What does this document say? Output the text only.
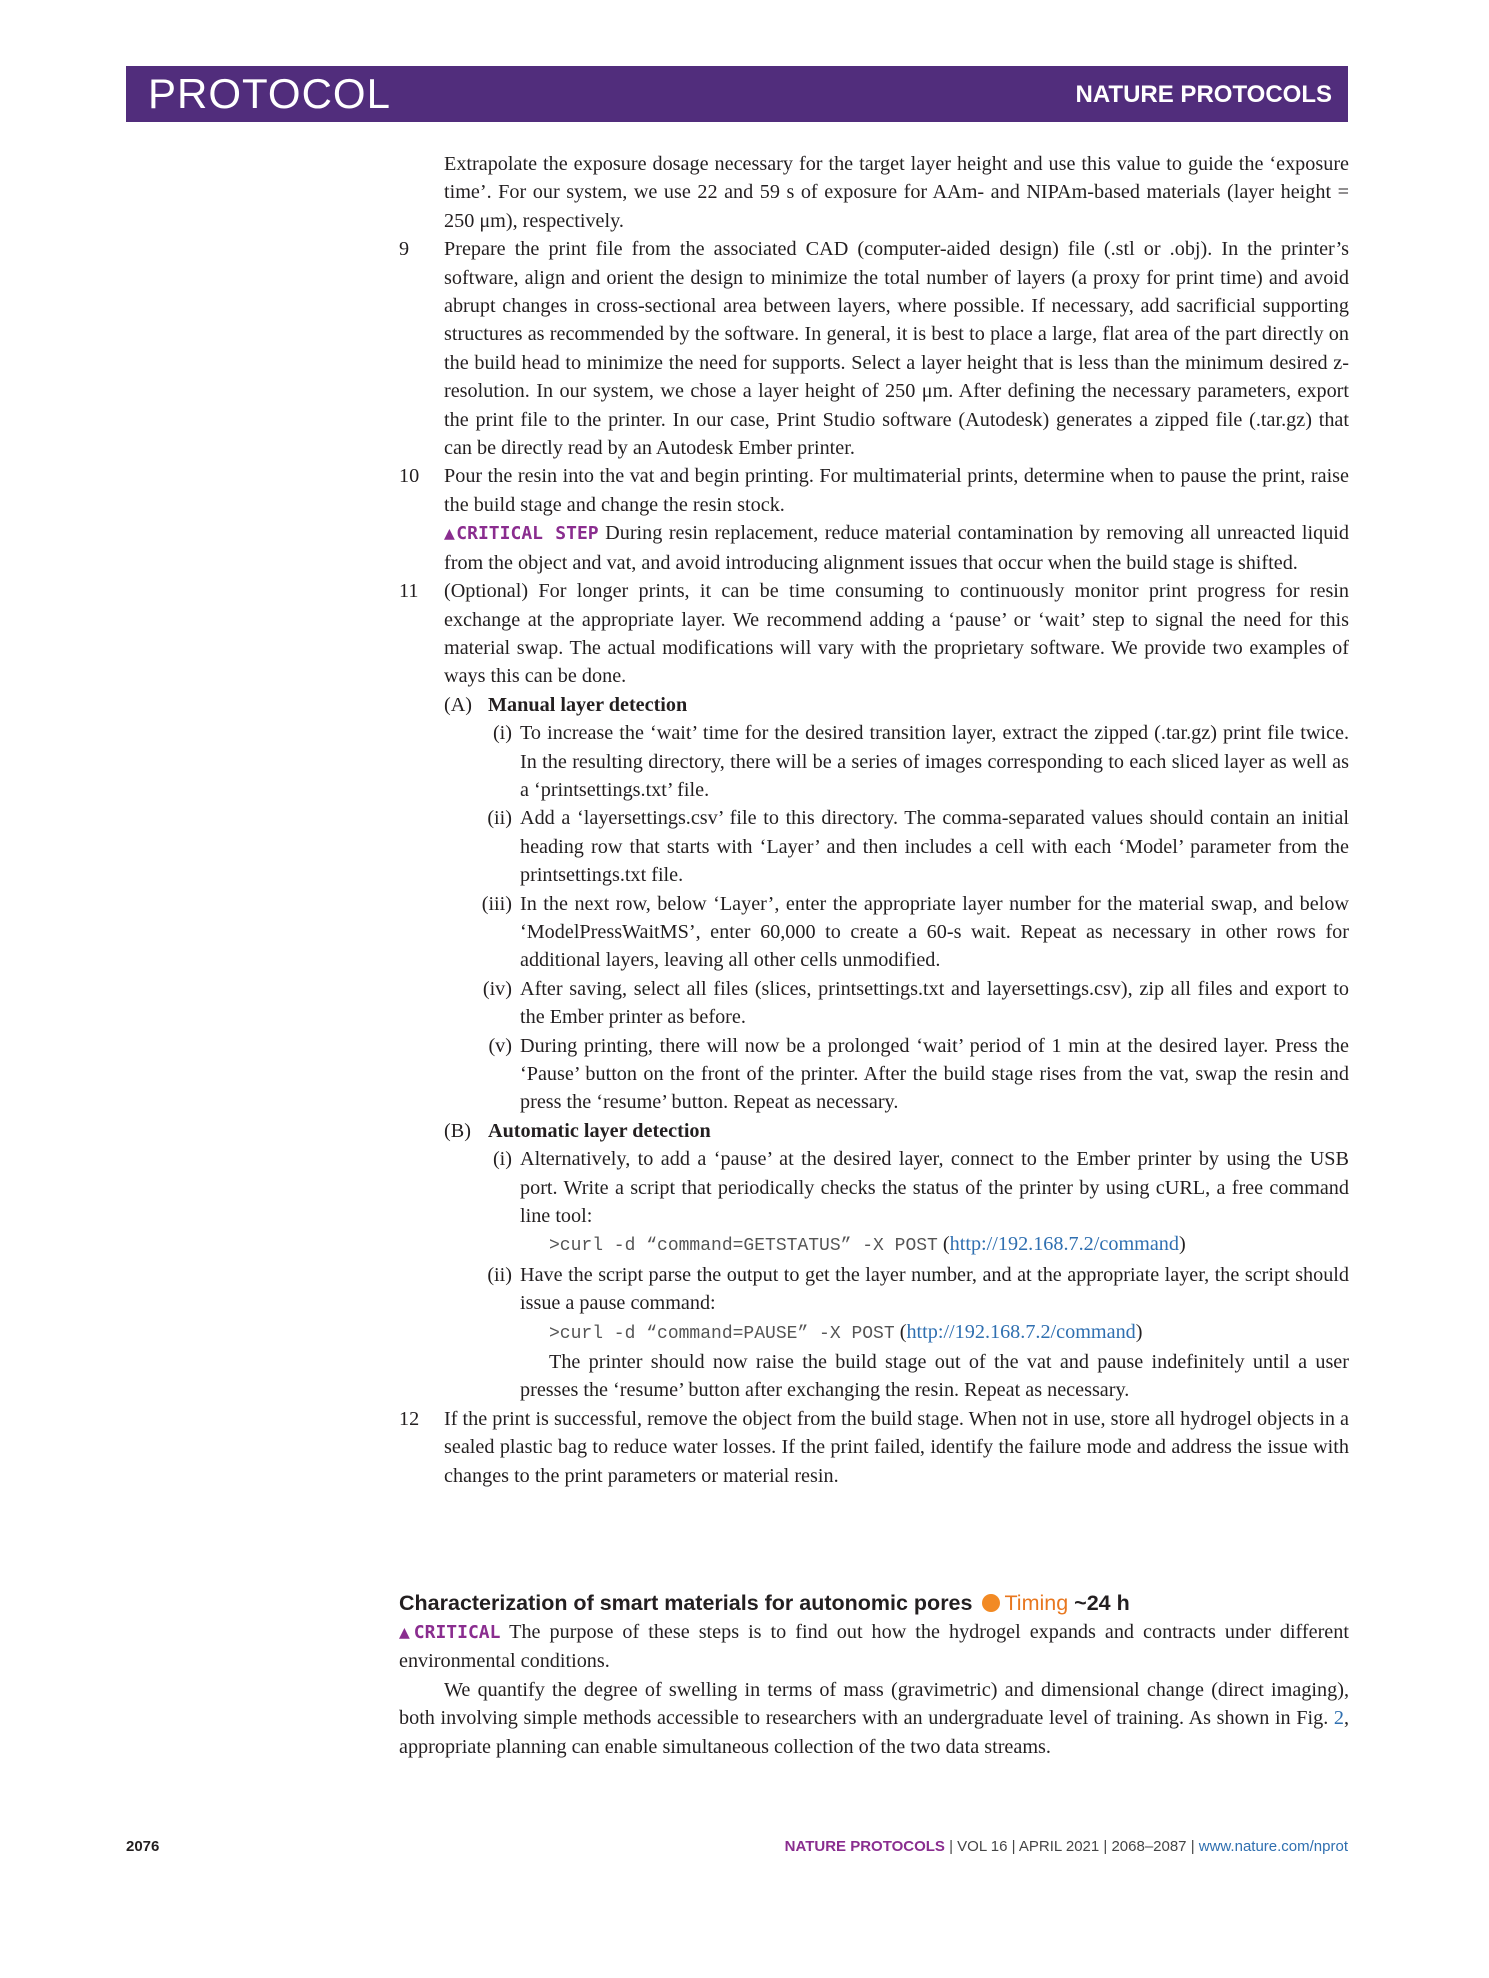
PROTOCOL	NATURE PROTOCOLS

Extrapolate the exposure dosage necessary for the target layer height and use this value to guide the ‘exposure time’. For our system, we use 22 and 59 s of exposure for AAm- and NIPAm-based materials (layer height = 250 μm), respectively.

9 Prepare the print file from the associated CAD (computer-aided design) file (.stl or .obj). In the printer’s software, align and orient the design to minimize the total number of layers (a proxy for print time) and avoid abrupt changes in cross-sectional area between layers, where possible. If necessary, add sacrificial supporting structures as recommended by the software. In general, it is best to place a large, flat area of the part directly on the build head to minimize the need for supports. Select a layer height that is less than the minimum desired z-resolution. In our system, we chose a layer height of 250 μm. After defining the necessary parameters, export the print file to the printer. In our case, Print Studio software (Autodesk) generates a zipped file (.tar.gz) that can be directly read by an Autodesk Ember printer.
10 Pour the resin into the vat and begin printing. For multimaterial prints, determine when to pause the print, raise the build stage and change the resin stock.
▲CRITICAL STEP During resin replacement, reduce material contamination by removing all unreacted liquid from the object and vat, and avoid introducing alignment issues that occur when the build stage is shifted.
11 (Optional) For longer prints, it can be time consuming to continuously monitor print progress for resin exchange at the appropriate layer. We recommend adding a ‘pause’ or ‘wait’ step to signal the need for this material swap. The actual modifications will vary with the proprietary software. We provide two examples of ways this can be done.
(A) Manual layer detection
(i) To increase the ‘wait’ time for the desired transition layer, extract the zipped (.tar.gz) print file twice. In the resulting directory, there will be a series of images corresponding to each sliced layer as well as a ‘printsettings.txt’ file.
(ii) Add a ‘layersettings.csv’ file to this directory. The comma-separated values should contain an initial heading row that starts with ‘Layer’ and then includes a cell with each ‘Model’ parameter from the printsettings.txt file.
(iii) In the next row, below ‘Layer’, enter the appropriate layer number for the material swap, and below ‘ModelPressWaitMS’, enter 60,000 to create a 60-s wait. Repeat as necessary in other rows for additional layers, leaving all other cells unmodified.
(iv) After saving, select all files (slices, printsettings.txt and layersettings.csv), zip all files and export to the Ember printer as before.
(v) During printing, there will now be a prolonged ‘wait’ period of 1 min at the desired layer. Press the ‘Pause’ button on the front of the printer. After the build stage rises from the vat, swap the resin and press the ‘resume’ button. Repeat as necessary.
(B) Automatic layer detection
(i) Alternatively, to add a ‘pause’ at the desired layer, connect to the Ember printer by using the USB port. Write a script that periodically checks the status of the printer by using cURL, a free command line tool:
>curl -d “command=GETSTATUS” -X POST (http://192.168.7.2/command)
(ii) Have the script parse the output to get the layer number, and at the appropriate layer, the script should issue a pause command:
>curl -d “command=PAUSE” -X POST (http://192.168.7.2/command)
The printer should now raise the build stage out of the vat and pause indefinitely until a user presses the ‘resume’ button after exchanging the resin. Repeat as necessary.
12 If the print is successful, remove the object from the build stage. When not in use, store all hydrogel objects in a sealed plastic bag to reduce water losses. If the print failed, identify the failure mode and address the issue with changes to the print parameters or material resin.
Characterization of smart materials for autonomic pores Timing ~24 h

▲CRITICAL The purpose of these steps is to find out how the hydrogel expands and contracts under different environmental conditions.

We quantify the degree of swelling in terms of mass (gravimetric) and dimensional change (direct imaging), both involving simple methods accessible to researchers with an undergraduate level of training. As shown in Fig. 2, appropriate planning can enable simultaneous collection of the two data streams.

2076	NATURE PROTOCOLS | VOL 16 | APRIL 2021 | 2068–2087 | www.nature.com/nprot
